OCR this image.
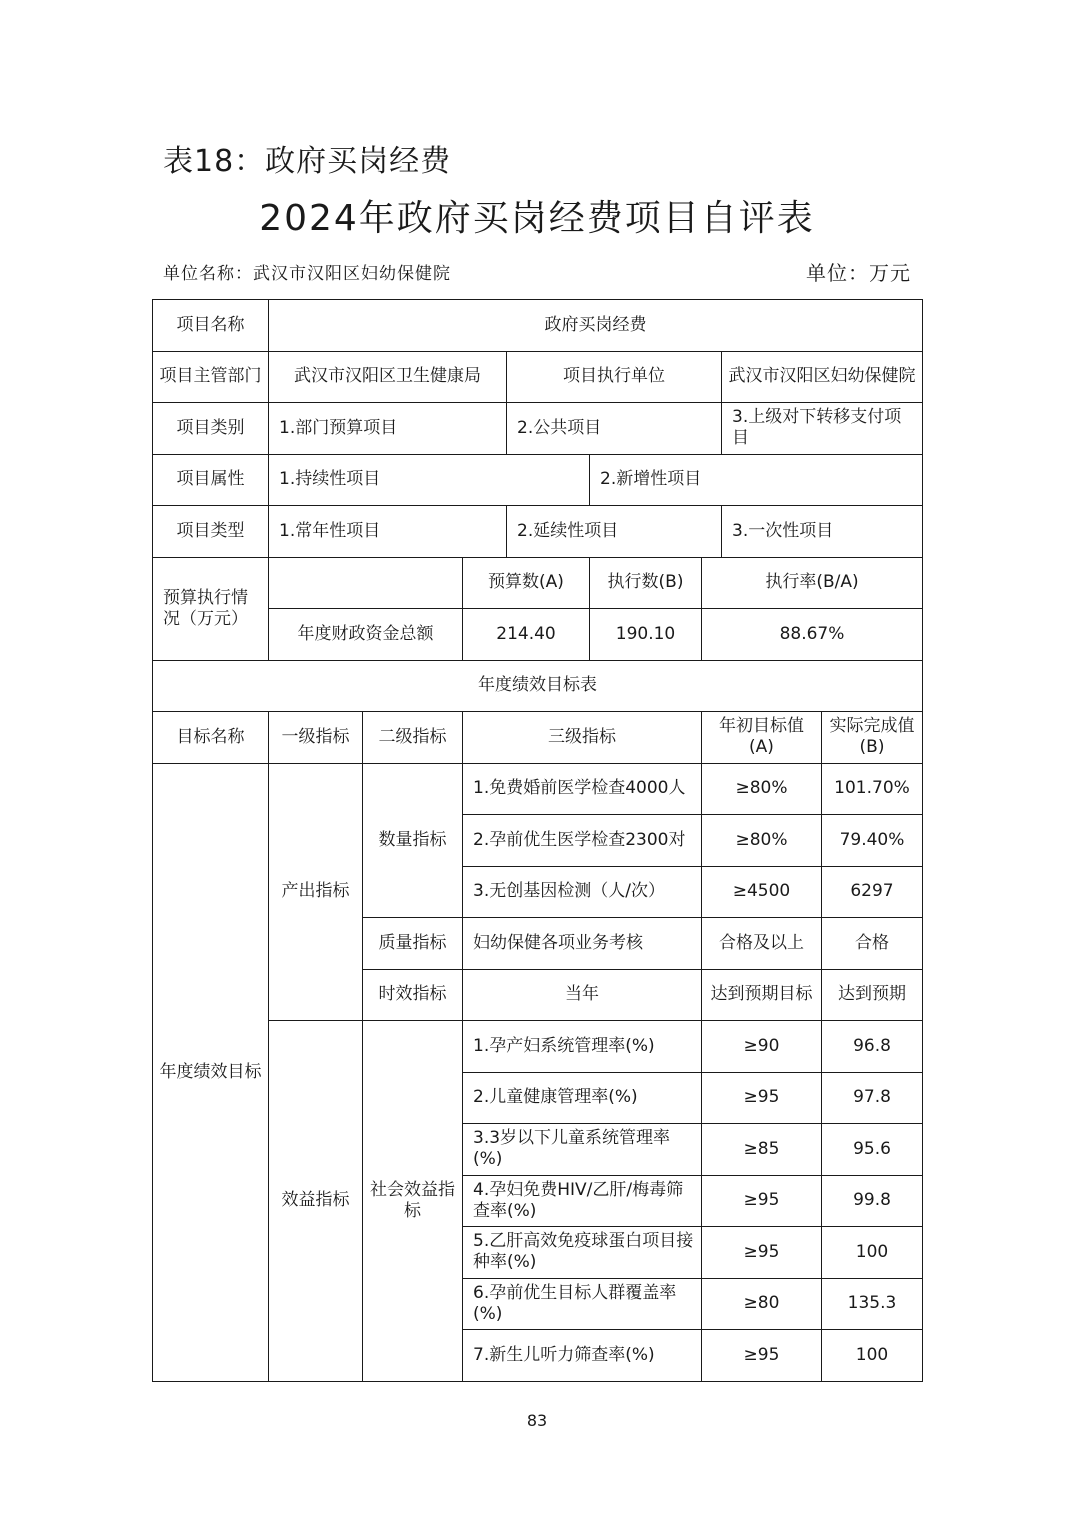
表18：政府买岗经费
2024年政府买岗经费项目自评表
单位名称：武汉市汉阳区妇幼保健院	单位：万元
项目名称	政府买岗经费							
项目主管部门	武汉市汉阳区卫生健康局			项目执行单位			武汉市汉阳区妇幼保健院	
项目类别	1.部门预算项目			2.公共项目			3.上级对下转移支付项目	
项目属性	1.持续性项目				2.新增性项目			
项目类型	1.常年性项目			2.延续性项目			3.一次性项目	
预算执行情况（万元）			预算数(A)		执行数(B)	执行率(B/A)		
	年度财政资金总额		214.40		190.10	88.67%		
年度绩效目标表								
目标名称	一级指标	二级指标	三级指标			年初目标值(A)		实际完成值(B)
年度绩效目标	产出指标	数量指标	1.免费婚前医学检查4000人			≥80%		101.70%
			2.孕前优生医学检查2300对			≥80%		79.40%
			3.无创基因检测（人/次）			≥4500		6297
		质量指标	妇幼保健各项业务考核			合格及以上		合格
		时效指标	当年			达到预期目标		达到预期
	效益指标	社会效益指标	1.孕产妇系统管理率(%)			≥90		96.8
			2.儿童健康管理率(%)			≥95		97.8
			3.3岁以下儿童系统管理率(%)			≥85		95.6
			4.孕妇免费HIV/乙肝/梅毒筛查率(%)			≥95		99.8
			5.乙肝高效免疫球蛋白项目接种率(%)			≥95		100
			6.孕前优生目标人群覆盖率(%)			≥80		135.3
			7.新生儿听力筛查率(%)			≥95		100
83
